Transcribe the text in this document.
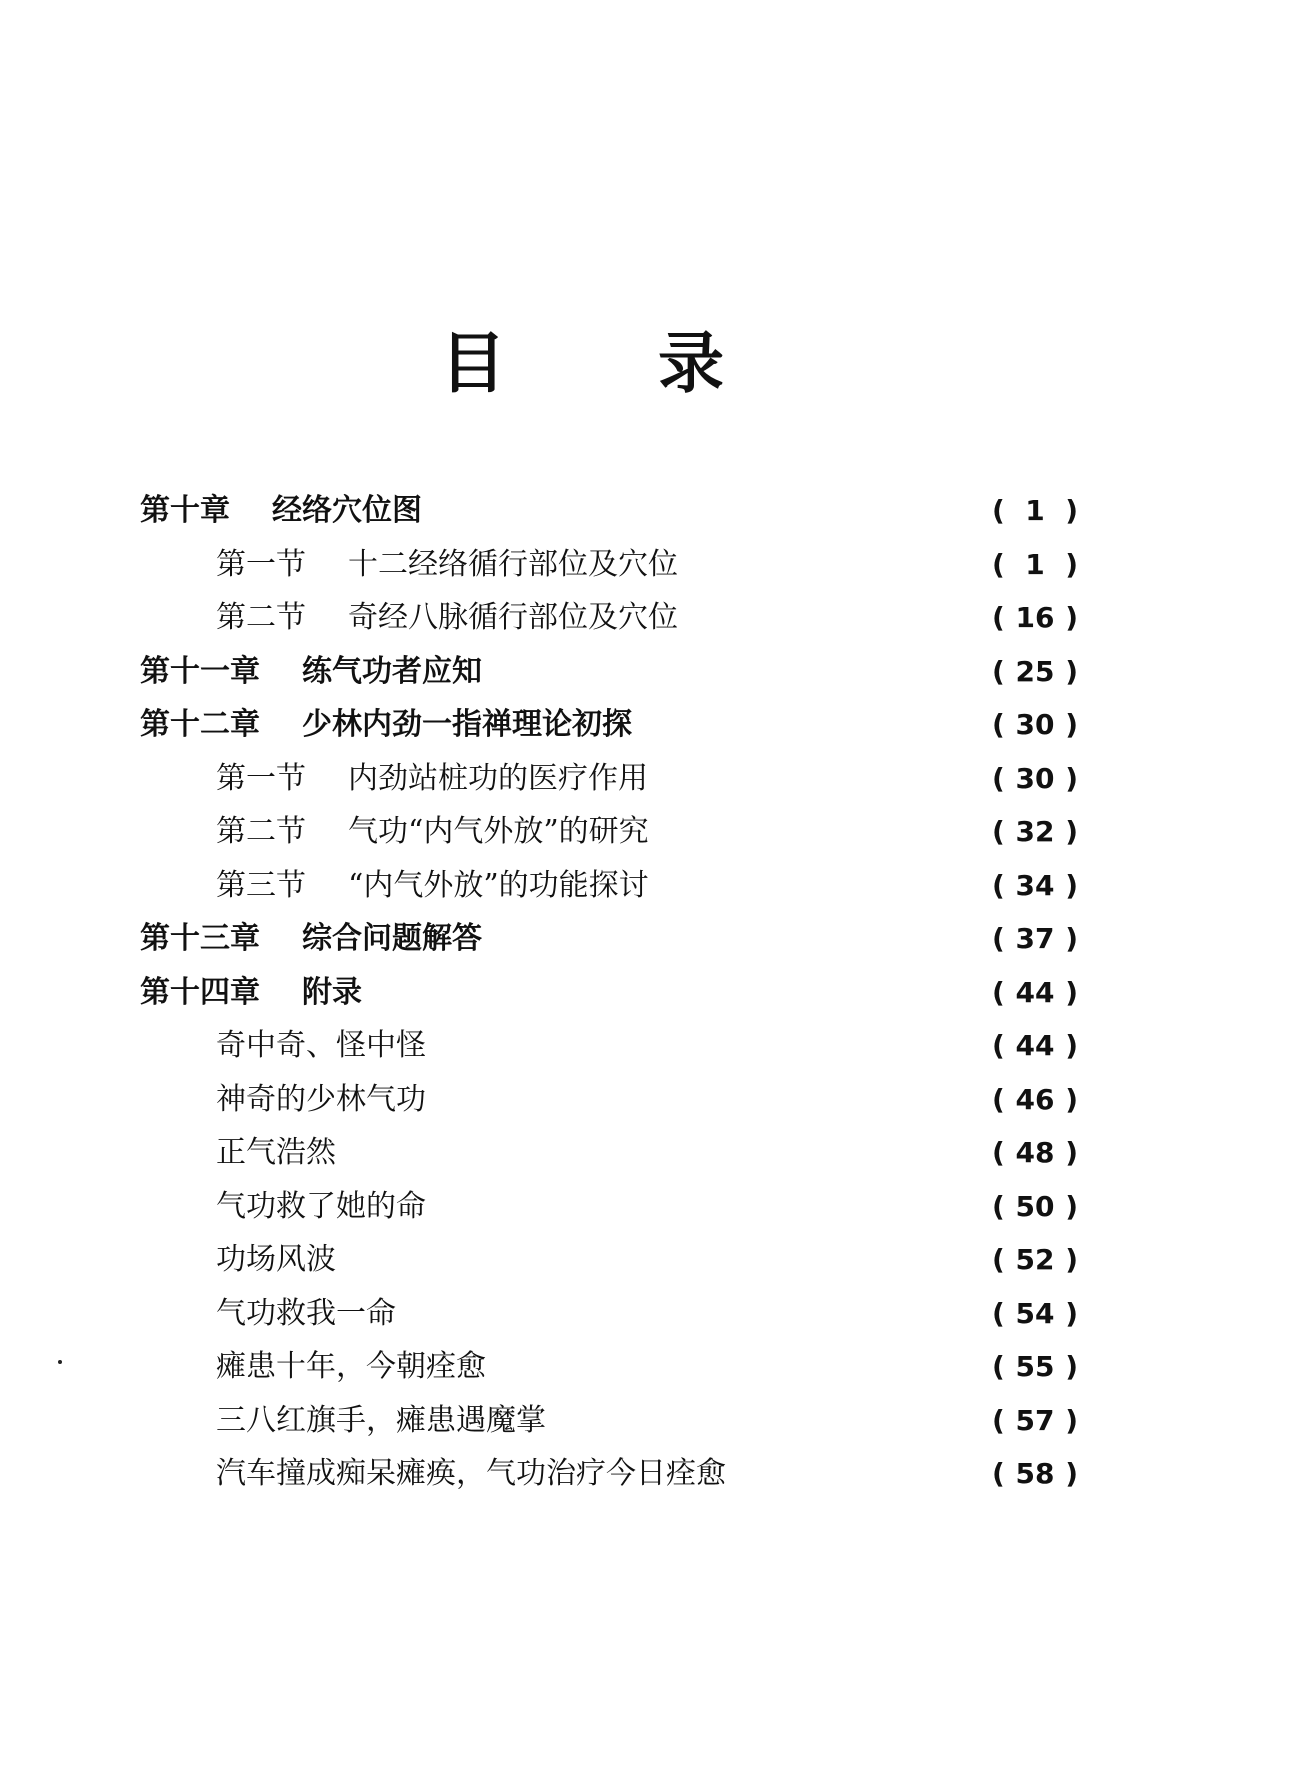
目 录
第十章 经络穴位图	( 1 )
第一节 十二经络循行部位及穴位	( 1 )
第二节 奇经八脉循行部位及穴位	( 16 )
第十一章 练气功者应知	( 25 )
第十二章 少林内劲一指禅理论初探	( 30 )
第一节 内劲站桩功的医疗作用	( 30 )
第二节 气功“内气外放”的研究	( 32 )
第三节 “内气外放”的功能探讨	( 34 )
第十三章 综合问题解答	( 37 )
第十四章 附录	( 44 )
奇中奇、怪中怪	( 44 )
神奇的少林气功	( 46 )
正气浩然	( 48 )
气功救了她的命	( 50 )
功场风波	( 52 )
气功救我一命	( 54 )
瘫患十年，今朝痊愈	( 55 )
三八红旗手，瘫患遇魔掌	( 57 )
汽车撞成痴呆瘫痪，气功治疗今日痊愈	( 58 )
